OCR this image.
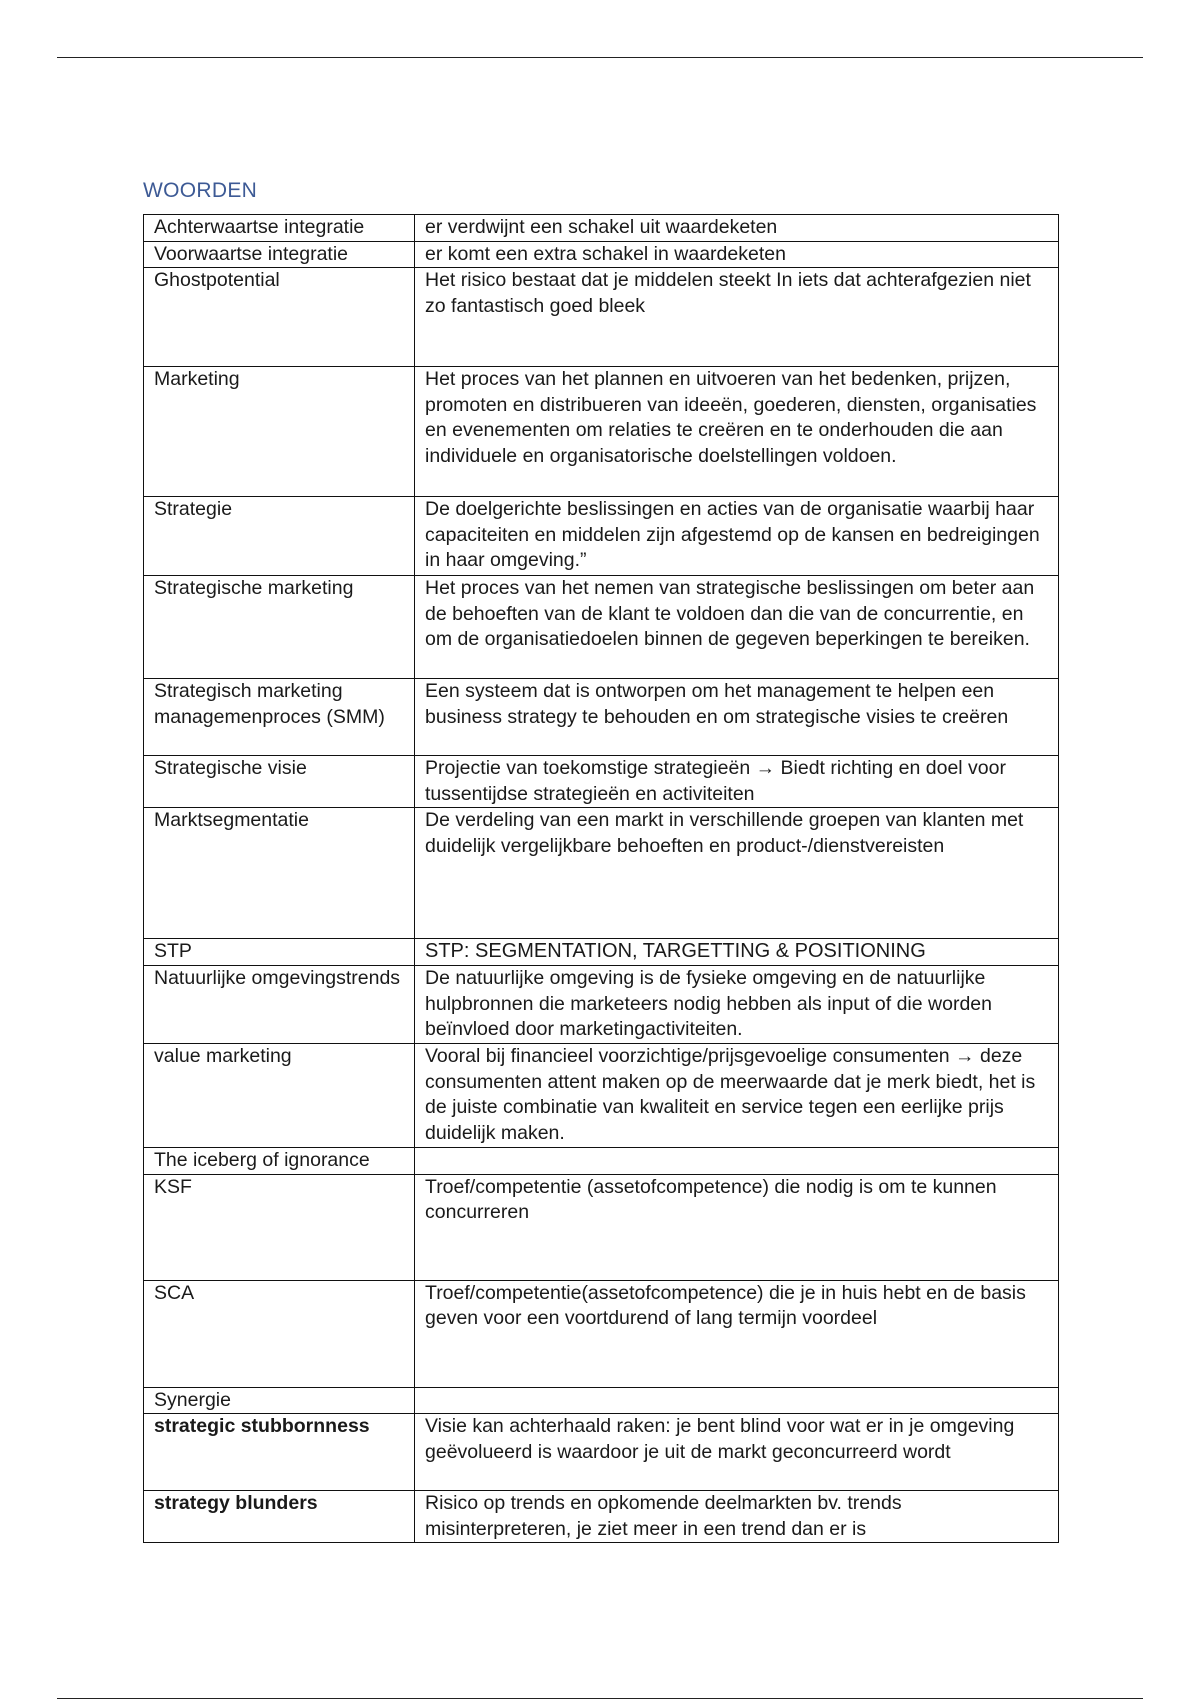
WOORDEN
Achterwaartse integratie	er verdwijnt een schakel uit waardeketen
Voorwaartse integratie	er komt een extra schakel in waardeketen
Ghostpotential	Het risico bestaat dat je middelen steekt In iets dat achterafgezien niet zo fantastisch goed bleek
Marketing	Het proces van het plannen en uitvoeren van het bedenken, prijzen, promoten en distribueren van ideeën, goederen, diensten, organisaties en evenementen om relaties te creëren en te onderhouden die aan individuele en organisatorische doelstellingen voldoen.
Strategie	De doelgerichte beslissingen en acties van de organisatie waarbij haar capaciteiten en middelen zijn afgestemd op de kansen en bedreigingen in haar omgeving.”
Strategische marketing	Het proces van het nemen van strategische beslissingen om beter aan de behoeften van de klant te voldoen dan die van de concurrentie, en om de organisatiedoelen binnen de gegeven beperkingen te bereiken.
Strategisch marketing managemenproces (SMM)	Een systeem dat is ontworpen om het management te helpen een business strategy te behouden en om strategische visies te creëren
Strategische visie	Projectie van toekomstige strategieën → Biedt richting en doel voor tussentijdse strategieën en activiteiten
Marktsegmentatie	De verdeling van een markt in verschillende groepen van klanten met duidelijk vergelijkbare behoeften en product-/dienstvereisten
STP	STP: SEGMENTATION, TARGETTING & POSITIONING
Natuurlijke omgevingstrends	De natuurlijke omgeving is de fysieke omgeving en de natuurlijke hulpbronnen die marketeers nodig hebben als input of die worden beïnvloed door marketingactiviteiten.
value marketing	Vooral bij financieel voorzichtige/prijsgevoelige consumenten → deze consumenten attent maken op de meerwaarde dat je merk biedt, het is de juiste combinatie van kwaliteit en service tegen een eerlijke prijs duidelijk maken.
The iceberg of ignorance	
KSF	Troef/competentie (assetofcompetence) die nodig is om te kunnen concurreren
SCA	Troef/competentie(assetofcompetence) die je in huis hebt en de basis geven voor een voortdurend of lang termijn voordeel
Synergie	
strategic stubbornness	Visie kan achterhaald raken: je bent blind voor wat er in je omgeving geëvolueerd is waardoor je uit de markt geconcurreerd wordt
strategy blunders	Risico op trends en opkomende deelmarkten bv. trends misinterpreteren, je ziet meer in een trend dan er is
